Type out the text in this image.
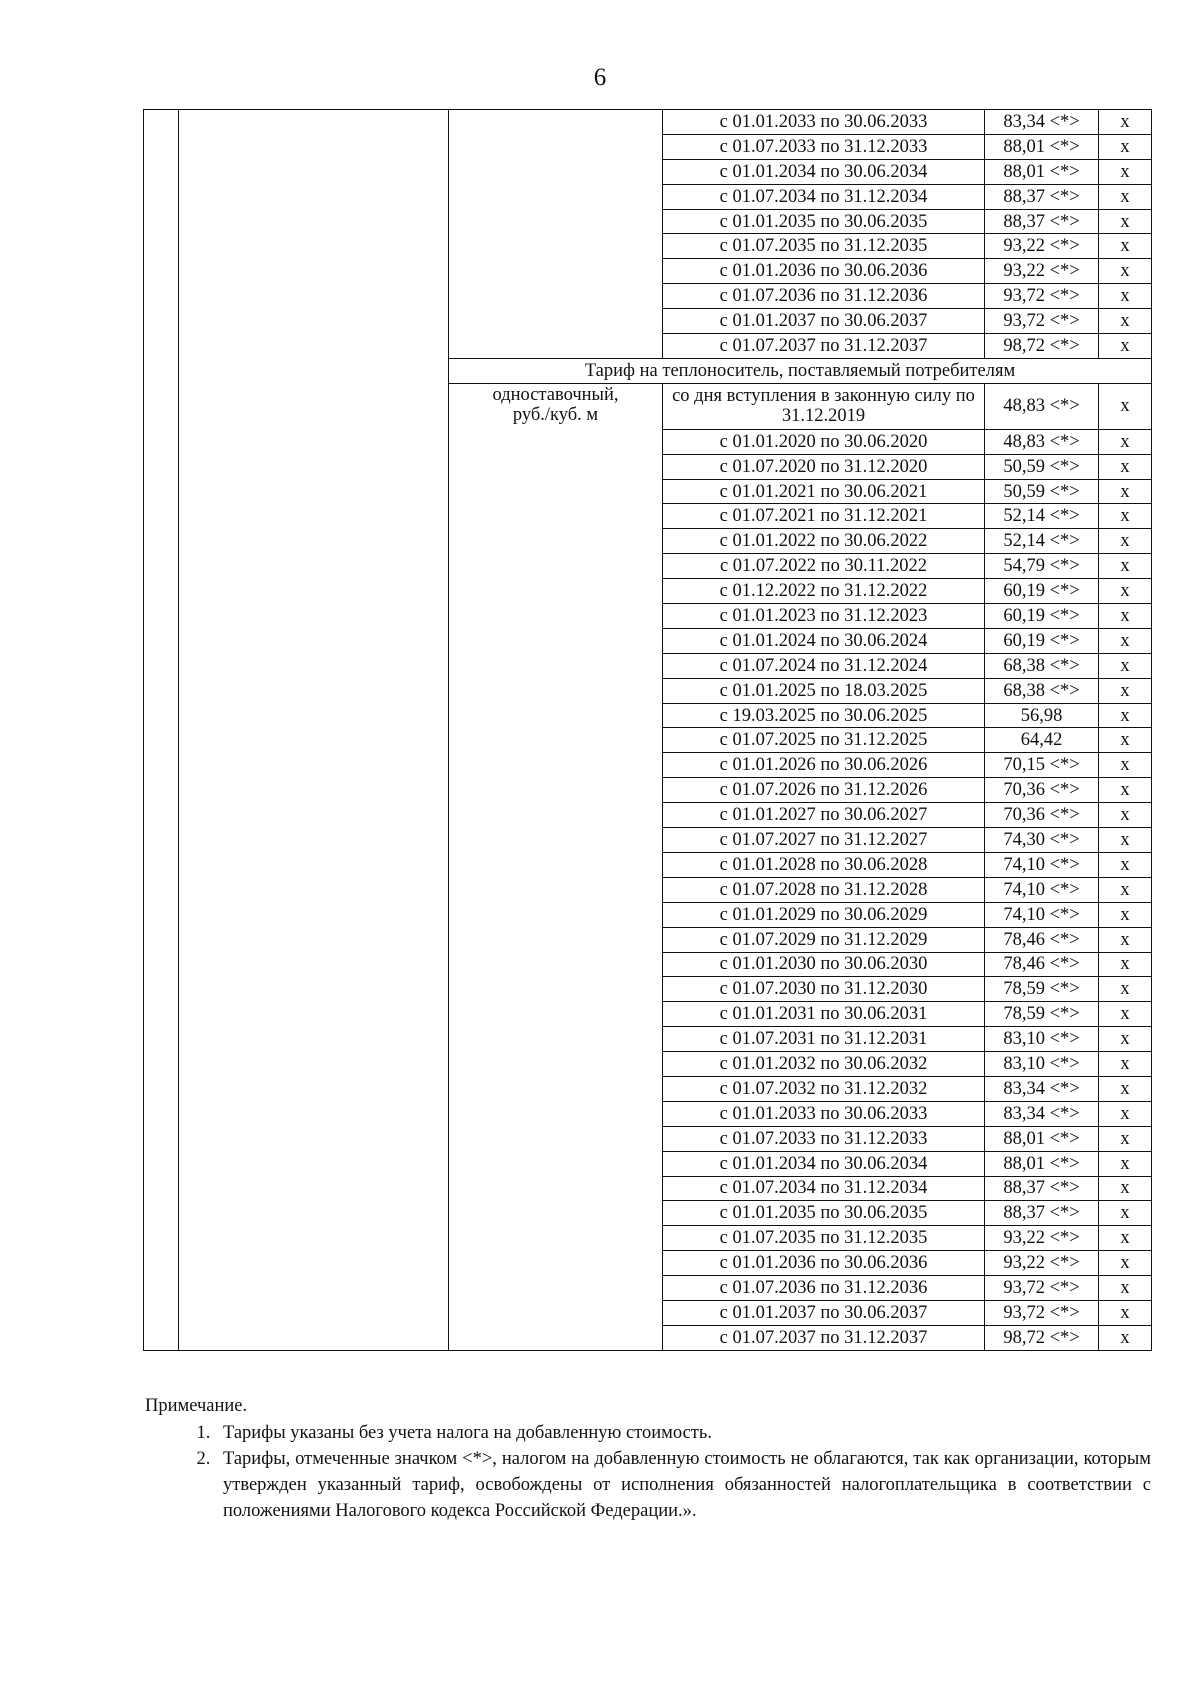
6
			с 01.01.2033 по 30.06.2033	83,34 <*>	x
			с 01.07.2033 по 31.12.2033	88,01 <*>	x
			с 01.01.2034 по 30.06.2034	88,01 <*>	x
			с 01.07.2034 по 31.12.2034	88,37 <*>	x
			с 01.01.2035 по 30.06.2035	88,37 <*>	x
			с 01.07.2035 по 31.12.2035	93,22 <*>	x
			с 01.01.2036 по 30.06.2036	93,22 <*>	x
			с 01.07.2036 по 31.12.2036	93,72 <*>	x
			с 01.01.2037 по 30.06.2037	93,72 <*>	x
			с 01.07.2037 по 31.12.2037	98,72 <*>	x
		Тариф на теплоноситель, поставляемый потребителям			
		одноставочный, руб./куб. м	со дня вступления в законную силу по 31.12.2019	48,83 <*>	x
			с 01.01.2020 по 30.06.2020	48,83 <*>	x
			с 01.07.2020 по 31.12.2020	50,59 <*>	x
			с 01.01.2021 по 30.06.2021	50,59 <*>	x
			с 01.07.2021 по 31.12.2021	52,14 <*>	x
			с 01.01.2022 по 30.06.2022	52,14 <*>	x
			с 01.07.2022 по 30.11.2022	54,79 <*>	x
			с 01.12.2022 по 31.12.2022	60,19 <*>	x
			с 01.01.2023 по 31.12.2023	60,19 <*>	x
			с 01.01.2024 по 30.06.2024	60,19 <*>	x
			с 01.07.2024 по 31.12.2024	68,38 <*>	x
			с 01.01.2025 по 18.03.2025	68,38 <*>	x
			с 19.03.2025 по 30.06.2025	56,98	x
			с 01.07.2025 по 31.12.2025	64,42	x
			с 01.01.2026 по 30.06.2026	70,15 <*>	x
			с 01.07.2026 по 31.12.2026	70,36 <*>	x
			с 01.01.2027 по 30.06.2027	70,36 <*>	x
			с 01.07.2027 по 31.12.2027	74,30 <*>	x
			с 01.01.2028 по 30.06.2028	74,10 <*>	x
			с 01.07.2028 по 31.12.2028	74,10 <*>	x
			с 01.01.2029 по 30.06.2029	74,10 <*>	x
			с 01.07.2029 по 31.12.2029	78,46 <*>	x
			с 01.01.2030 по 30.06.2030	78,46 <*>	x
			с 01.07.2030 по 31.12.2030	78,59 <*>	x
			с 01.01.2031 по 30.06.2031	78,59 <*>	x
			с 01.07.2031 по 31.12.2031	83,10 <*>	x
			с 01.01.2032 по 30.06.2032	83,10 <*>	x
			с 01.07.2032 по 31.12.2032	83,34 <*>	x
			с 01.01.2033 по 30.06.2033	83,34 <*>	x
			с 01.07.2033 по 31.12.2033	88,01 <*>	x
			с 01.01.2034 по 30.06.2034	88,01 <*>	x
			с 01.07.2034 по 31.12.2034	88,37 <*>	x
			с 01.01.2035 по 30.06.2035	88,37 <*>	x
			с 01.07.2035 по 31.12.2035	93,22 <*>	x
			с 01.01.2036 по 30.06.2036	93,22 <*>	x
			с 01.07.2036 по 31.12.2036	93,72 <*>	x
			с 01.01.2037 по 30.06.2037	93,72 <*>	x
			с 01.07.2037 по 31.12.2037	98,72 <*>	x
Примечание.
1. Тарифы указаны без учета налога на добавленную стоимость.
2. Тарифы, отмеченные значком <*>, налогом на добавленную стоимость не облагаются, так как организации, которым утвержден указанный тариф, освобождены от исполнения обязанностей налогоплательщика в соответствии с положениями Налогового кодекса Российской Федерации.».
